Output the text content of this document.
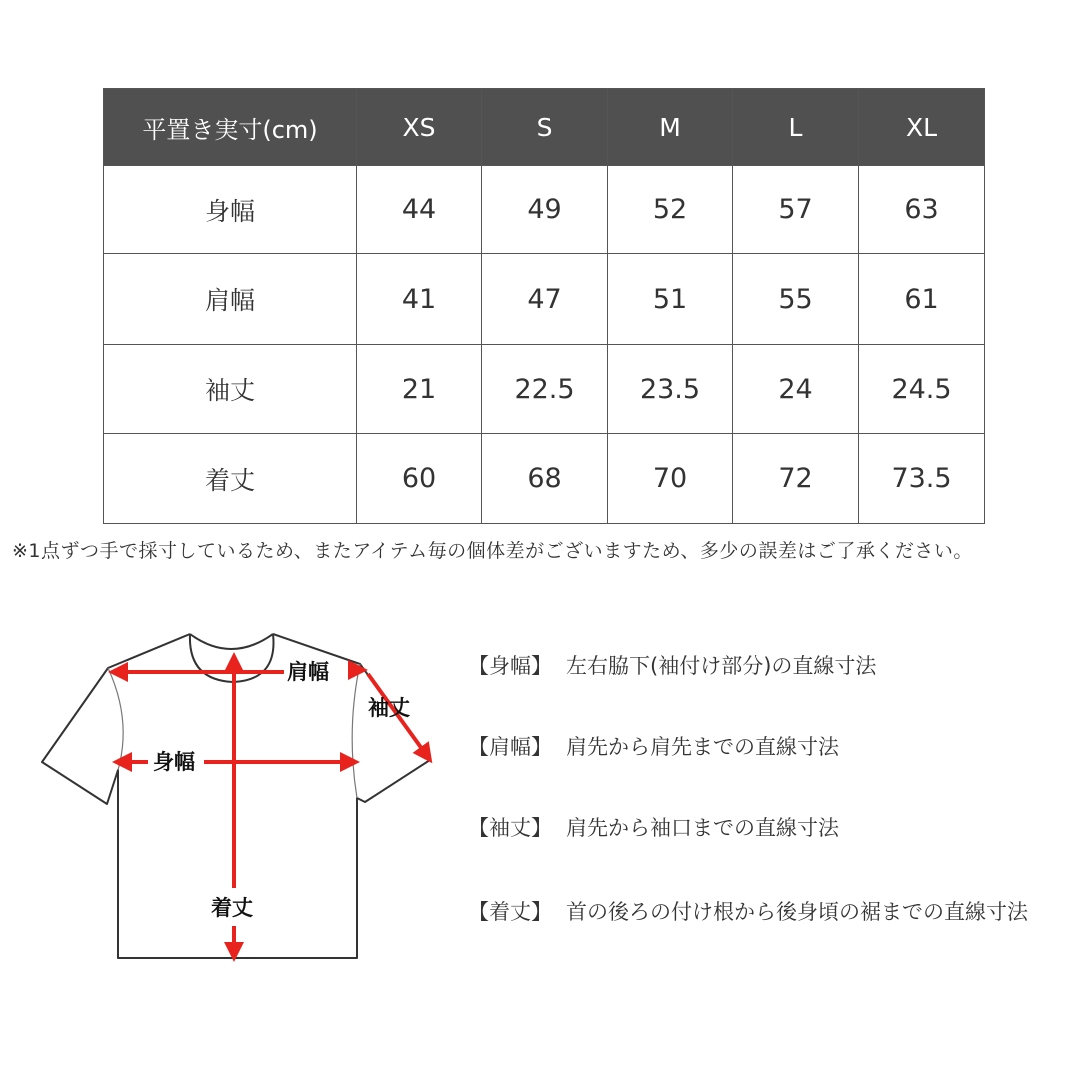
平置き実寸(cm)	XS	S	M	L	XL
身幅	44	49	52	57	63
肩幅	41	47	51	55	61
袖丈	21	22.5	23.5	24	24.5
着丈	60	68	70	72	73.5
※1点ずつ手で採寸しているため、またアイテム毎の個体差がございますため、多少の誤差はご了承ください。
肩幅
袖丈
身幅
着丈
【身幅】 左右脇下(袖付け部分)の直線寸法
【肩幅】 肩先から肩先までの直線寸法
【袖丈】 肩先から袖口までの直線寸法
【着丈】 首の後ろの付け根から後身頃の裾までの直線寸法
